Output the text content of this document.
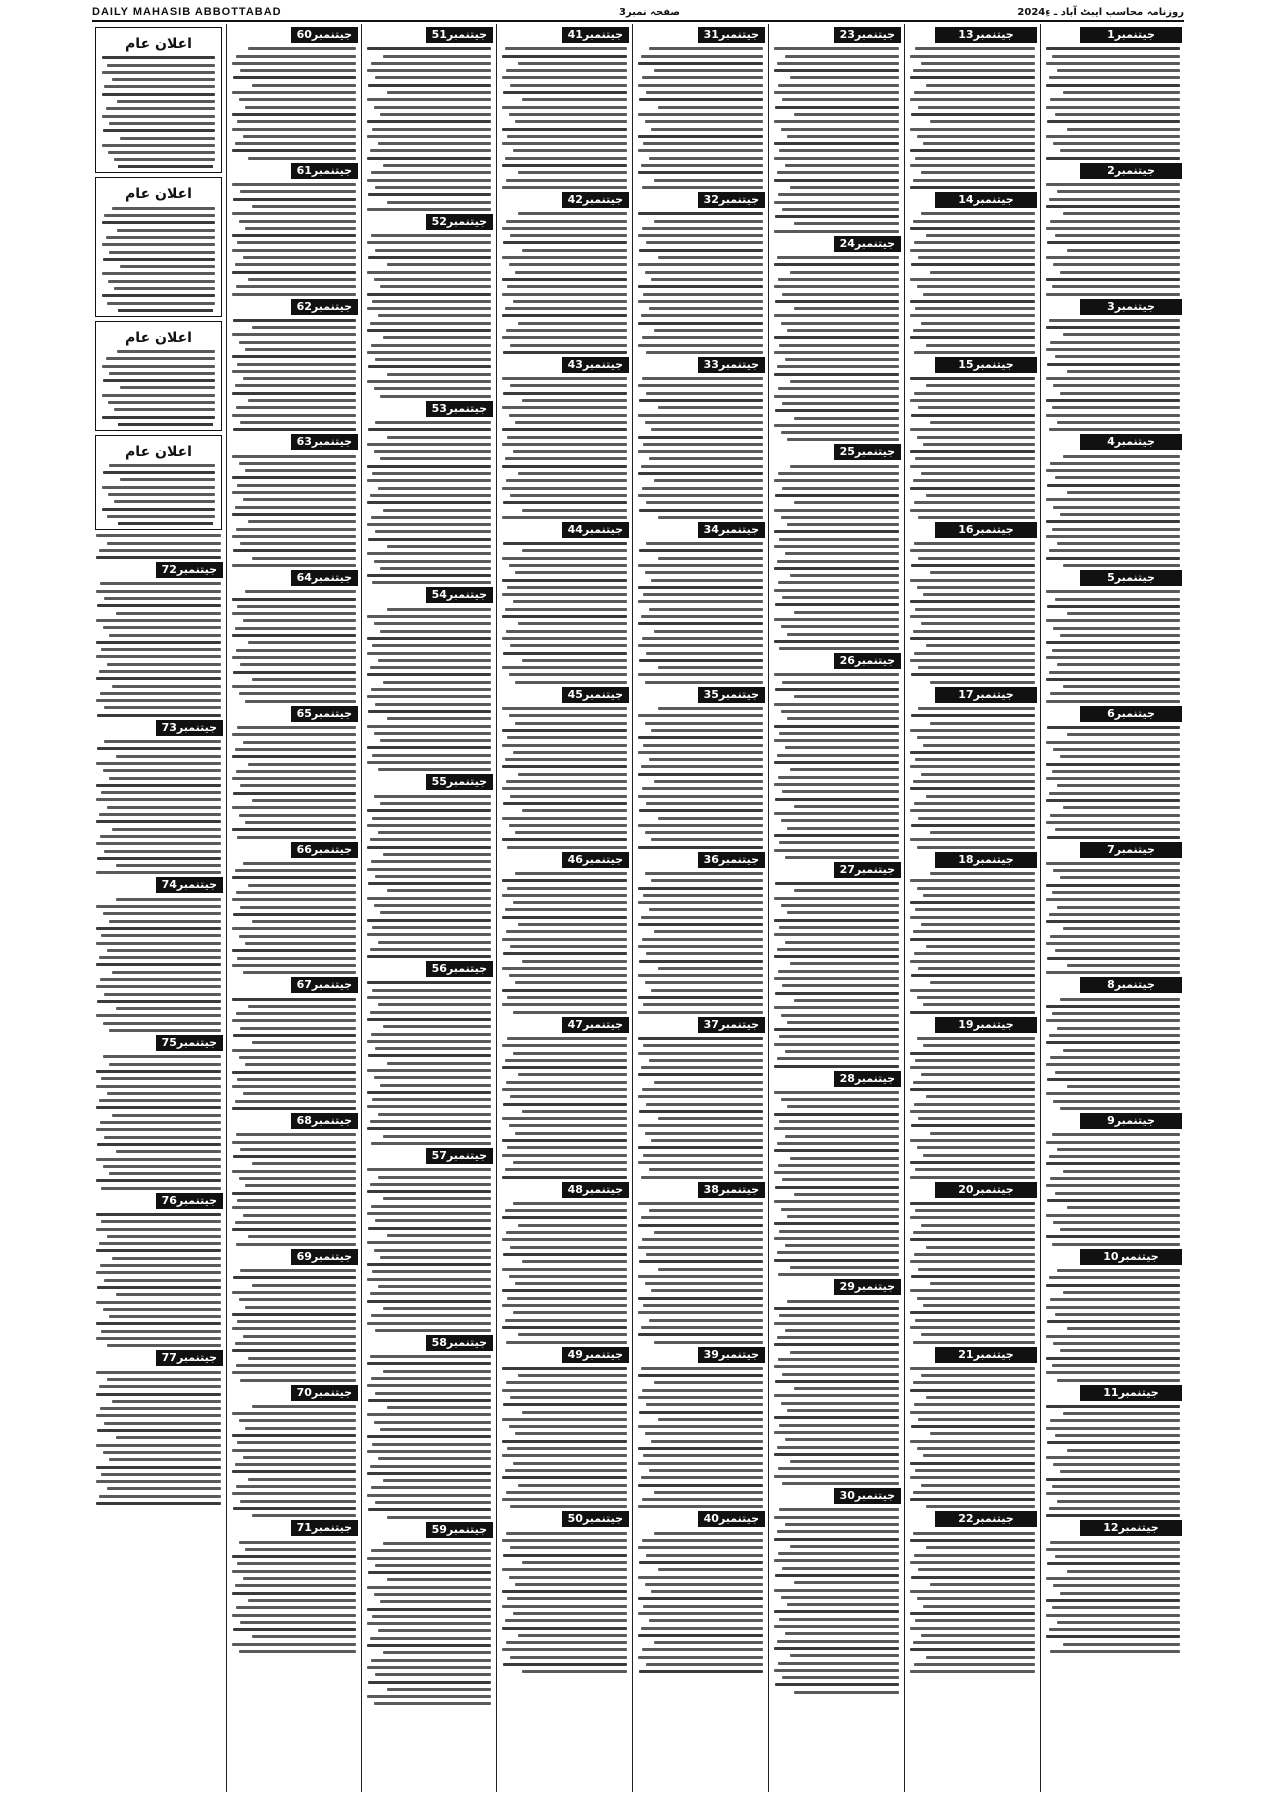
DAILY MAHASIB ABBOTTABAD	صفحہ نمبر3	روزنامہ محاسب ایبٹ آباد ـ ءِ2024
جیتنمبر1
جیتنمبر2
جیتنمبر3
جیتنمبر4
جیتنمبر5
جیتنمبر6
جیتنمبر7
جیتنمبر8
جیتنمبر9
جیتنمبر10
جیتنمبر11
جیتنمبر12
جیتنمبر13
جیتنمبر14
جیتنمبر15
جیتنمبر16
جیتنمبر17
جیتنمبر18
جیتنمبر19
جیتنمبر20
جیتنمبر21
جیتنمبر22
جیتنمبر23
جیتنمبر24
جیتنمبر25
جیتنمبر26
جیتنمبر27
جیتنمبر28
جیتنمبر29
جیتنمبر30
جیتنمبر31
جیتنمبر32
جیتنمبر33
جیتنمبر34
جیتنمبر35
جیتنمبر36
جیتنمبر37
جیتنمبر38
جیتنمبر39
جیتنمبر40
جیتنمبر41
جیتنمبر42
جیتنمبر43
جیتنمبر44
جیتنمبر45
جیتنمبر46
جیتنمبر47
جیتنمبر48
جیتنمبر49
جیتنمبر50
جیتنمبر51
جیتنمبر52
جیتنمبر53
جیتنمبر54
جیتنمبر55
جیتنمبر56
جیتنمبر57
جیتنمبر58
جیتنمبر59
جیتنمبر60
جیتنمبر61
جیتنمبر62
جیتنمبر63
جیتنمبر64
جیتنمبر65
جیتنمبر66
جیتنمبر67
جیتنمبر68
جیتنمبر69
جیتنمبر70
جیتنمبر71
اعلان عام
اعلان عام
اعلان عام
اعلان عام
جیتنمبر72
جیتنمبر73
جیتنمبر74
جیتنمبر75
جیتنمبر76
جیتنمبر77
